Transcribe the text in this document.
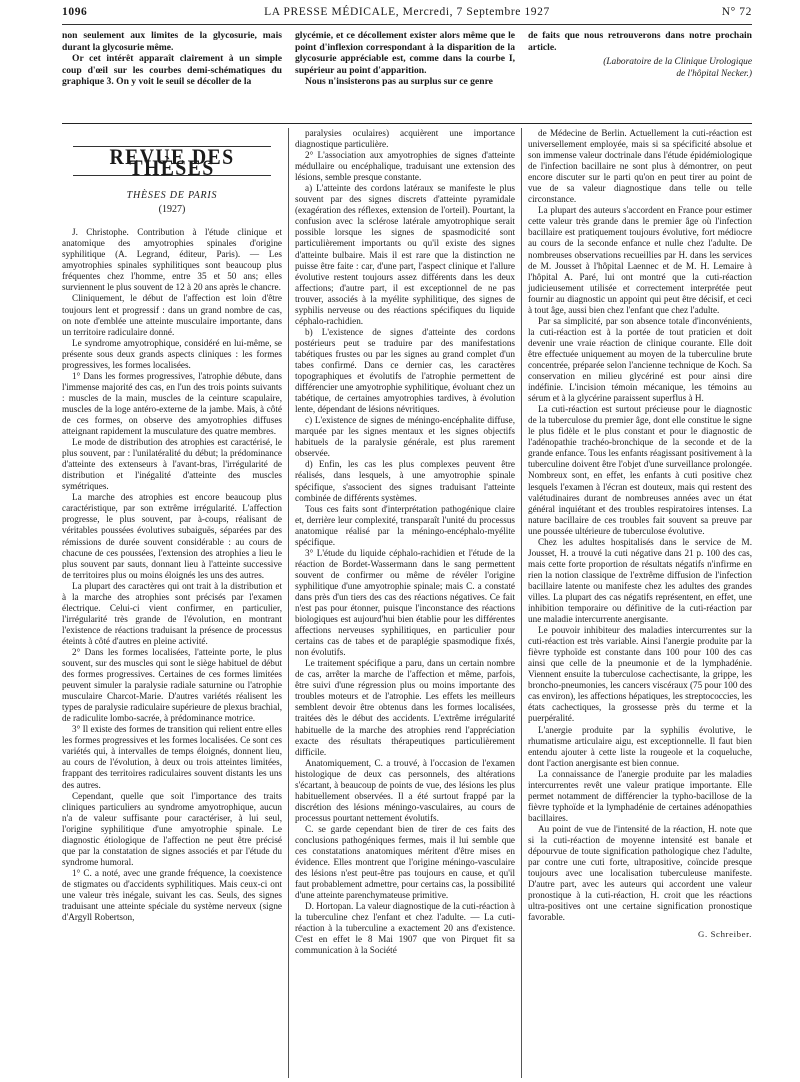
1096	LA PRESSE MÉDICALE, Mercredi, 7 Septembre 1927	N° 72

non seulement aux limites de la glycosurie, mais durant la glycosurie même.

Or cet intérêt apparaît clairement à un simple coup d'œil sur les courbes demi-schématiques du graphique 3. On y voit le seuil se décoller de la

glycémie, et ce décollement exister alors même que le point d'inflexion correspondant à la disparition de la glycosurie appréciable est, comme dans la courbe I, supérieur au point d'apparition.

Nous n'insisterons pas au surplus sur ce genre

de faits que nous retrouverons dans notre prochain article.

(Laboratoire de la Clinique Urologique
de l'hôpital Necker.)
REVUE DES THÈSES
THÈSES DE PARIS
(1927)

J. Christophe. Contribution à l'étude clinique et anatomique des amyotrophies spinales d'origine syphilitique (A. Legrand, éditeur, Paris). — Les amyotrophies spinales syphilitiques sont beaucoup plus fréquentes chez l'homme, entre 35 et 50 ans; elles surviennent le plus souvent de 12 à 20 ans après le chancre.

Cliniquement, le début de l'affection est loin d'être toujours lent et progressif : dans un grand nombre de cas, on note d'emblée une atteinte musculaire importante, dans un territoire radiculaire donné.

Le syndrome amyotrophique, considéré en lui-même, se présente sous deux grands aspects cliniques : les formes progressives, les formes localisées.

1° Dans les formes progressives, l'atrophie débute, dans l'immense majorité des cas, en l'un des trois points suivants : muscles de la main, muscles de la ceinture scapulaire, muscles de la loge antéro-externe de la jambe. Mais, à côté de ces formes, on observe des amyotrophies diffuses atteignant rapidement la musculature des quatre membres.

Le mode de distribution des atrophies est caractérisé, le plus souvent, par : l'unilatéralité du début; la prédominance d'atteinte des extenseurs à l'avant-bras, l'irrégularité de distribution et l'inégalité d'atteinte des muscles symétriques.

La marche des atrophies est encore beaucoup plus caractéristique, par son extrême irrégularité. L'affection progresse, le plus souvent, par à-coups, réalisant de véritables poussées évolutives subaiguës, séparées par des rémissions de durée souvent considérable : au cours de chacune de ces poussées, l'extension des atrophies a lieu le plus souvent par sauts, donnant lieu à l'atteinte successive de territoires plus ou moins éloignés les uns des autres.

La plupart des caractères qui ont trait à la distribution et à la marche des atrophies sont précisés par l'examen électrique. Celui-ci vient confirmer, en particulier, l'irrégularité très grande de l'évolution, en montrant l'existence de réactions traduisant la présence de processus éteints à côté d'autres en pleine activité.

2° Dans les formes localisées, l'atteinte porte, le plus souvent, sur des muscles qui sont le siège habituel de début des formes progressives. Certaines de ces formes limitées peuvent simuler la paralysie radiale saturnine ou l'atrophie musculaire Charcot-Marie. D'autres variétés réalisent les types de paralysie radiculaire supérieure de plexus brachial, de radiculite lombo-sacrée, à prédominance motrice.

3° Il existe des formes de transition qui relient entre elles les formes progressives et les formes localisées. Ce sont ces variétés qui, à intervalles de temps éloignés, donnent lieu, au cours de l'évolution, à deux ou trois atteintes limitées, frappant des territoires radiculaires souvent distants les uns des autres.

Cependant, quelle que soit l'importance des traits cliniques particuliers au syndrome amyotrophique, aucun n'a de valeur suffisante pour caractériser, à lui seul, l'origine syphilitique d'une amyotrophie spinale. Le diagnostic étiologique de l'affection ne peut être précisé que par la constatation de signes associés et par l'étude du syndrome humoral.

1° C. a noté, avec une grande fréquence, la coexistence de stigmates ou d'accidents syphilitiques. Mais ceux-ci ont une valeur très inégale, suivant les cas. Seuls, des signes traduisant une atteinte spéciale du système nerveux (signe d'Argyll Robertson,

paralysies oculaires) acquièrent une importance diagnostique particulière.

2° L'association aux amyotrophies de signes d'atteinte médullaire ou encéphalique, traduisant une extension des lésions, semble presque constante.

a) L'atteinte des cordons latéraux se manifeste le plus souvent par des signes discrets d'atteinte pyramidale (exagération des réflexes, extension de l'orteil). Pourtant, la confusion avec la sclérose latérale amyotrophique serait possible lorsque les signes de spasmodicité sont particulièrement importants ou qu'il existe des signes d'atteinte bulbaire. Mais il est rare que la distinction ne puisse être faite : car, d'une part, l'aspect clinique et l'allure évolutive restent toujours assez différents dans les deux affections; d'autre part, il est exceptionnel de ne pas trouver, associés à la myélite syphilitique, des signes de syphilis nerveuse ou des réactions spécifiques du liquide céphalo-rachidien.

b) L'existence de signes d'atteinte des cordons postérieurs peut se traduire par des manifestations tabétiques frustes ou par les signes au grand complet d'un tabes confirmé. Dans ce dernier cas, les caractères topographiques et évolutifs de l'atrophie permettent de différencier une amyotrophie syphilitique, évoluant chez un tabétique, de certaines amyotrophies tardives, à évolution lente, dépendant de lésions névritiques.

c) L'existence de signes de méningo-encéphalite diffuse, marquée par les signes mentaux et les signes objectifs habituels de la paralysie générale, est plus rarement observée.

d) Enfin, les cas les plus complexes peuvent être réalisés, dans lesquels, à une amyotrophie spinale spécifique, s'associent des signes traduisant l'atteinte combinée de différents systèmes.

Tous ces faits sont d'interprétation pathogénique claire et, derrière leur complexité, transparaît l'unité du processus anatomique réalisé par la méningo-encéphalo-myélite spécifique.

3° L'étude du liquide céphalo-rachidien et l'étude de la réaction de Bordet-Wassermann dans le sang permettent souvent de confirmer ou même de révéler l'origine syphilitique d'une amyotrophie spinale; mais C. a constaté dans près d'un tiers des cas des réactions négatives. Ce fait n'est pas pour étonner, puisque l'inconstance des réactions biologiques est aujourd'hui bien établie pour les différentes affections nerveuses syphilitiques, en particulier pour certains cas de tabes et de paraplégie spasmodique fixés, non évolutifs.

Le traitement spécifique a paru, dans un certain nombre de cas, arrêter la marche de l'affection et même, parfois, être suivi d'une régression plus ou moins importante des troubles moteurs et de l'atrophie. Les effets les meilleurs semblent devoir être obtenus dans les formes localisées, traitées dès le début des accidents. L'extrême irrégularité habituelle de la marche des atrophies rend l'appréciation exacte des résultats thérapeutiques particulièrement difficile.

Anatomiquement, C. a trouvé, à l'occasion de l'examen histologique de deux cas personnels, des altérations s'écartant, à beaucoup de points de vue, des lésions les plus habituellement observées. Il a été surtout frappé par la discrétion des lésions méningo-vasculaires, au cours de processus pourtant nettement évolutifs.

C. se garde cependant bien de tirer de ces faits des conclusions pathogéniques fermes, mais il lui semble que ces constatations anatomiques méritent d'être mises en évidence. Elles montrent que l'origine méningo-vasculaire des lésions n'est peut-être pas toujours en cause, et qu'il faut probablement admettre, pour certains cas, la possibilité d'une atteinte parenchymateuse primitive.

D. Hortopan. La valeur diagnostique de la cuti-réaction à la tuberculine chez l'enfant et chez l'adulte. — La cuti-réaction à la tuberculine a exactement 20 ans d'existence. C'est en effet le 8 Mai 1907 que von Pirquet fit sa communication à la Société

de Médecine de Berlin. Actuellement la cuti-réaction est universellement employée, mais si sa spécificité absolue et son immense valeur doctrinale dans l'étude épidémiologique de l'infection bacillaire ne sont plus à démontrer, on peut encore discuter sur le parti qu'on en peut tirer au point de vue de sa valeur diagnostique dans telle ou telle circonstance.

La plupart des auteurs s'accordent en France pour estimer cette valeur très grande dans le premier âge où l'infection bacillaire est pratiquement toujours évolutive, fort médiocre au cours de la seconde enfance et nulle chez l'adulte. De nombreuses observations recueillies par H. dans les services de M. Jousset à l'hôpital Laennec et de M. H. Lemaire à l'hôpital A. Paré, lui ont montré que la cuti-réaction judicieusement utilisée et correctement interprétée peut fournir au diagnostic un appoint qui peut être décisif, et ceci à tout âge, aussi bien chez l'enfant que chez l'adulte.

Par sa simplicité, par son absence totale d'inconvénients, la cuti-réaction est à la portée de tout praticien et doit devenir une vraie réaction de clinique courante. Elle doit être effectuée uniquement au moyen de la tuberculine brute concentrée, préparée selon l'ancienne technique de Koch. Sa conservation en milieu glycériné est pour ainsi dire indéfinie. L'incision témoin mécanique, les témoins au sérum et à la glycérine paraissent superflus à H.

La cuti-réaction est surtout précieuse pour le diagnostic de la tuberculose du premier âge, dont elle constitue le signe le plus fidèle et le plus constant et pour le diagnostic de l'adénopathie trachéo-bronchique de la seconde et de la grande enfance. Tous les enfants réagissant positivement à la tuberculine doivent être l'objet d'une surveillance prolongée. Nombreux sont, en effet, les enfants à cuti positive chez lesquels l'examen à l'écran est douteux, mais qui restent des valétudinaires durant de nombreuses années avec un état général inquiétant et des troubles respiratoires intenses. La nature bacillaire de ces troubles fait souvent sa preuve par une poussée ultérieure de tuberculose évolutive.

Chez les adultes hospitalisés dans le service de M. Jousset, H. a trouvé la cuti négative dans 21 p. 100 des cas, mais cette forte proportion de résultats négatifs n'infirme en rien la notion classique de l'extrême diffusion de l'infection bacillaire latente ou manifeste chez les adultes des grandes villes. La plupart des cas négatifs représentent, en effet, une inhibition temporaire ou définitive de la cuti-réaction par une maladie intercurrente anergisante.

Le pouvoir inhibiteur des maladies intercurrentes sur la cuti-réaction est très variable. Ainsi l'anergie produite par la fièvre typhoïde est constante dans 100 pour 100 des cas ainsi que celle de la pneumonie et de la lymphadénie. Viennent ensuite la tuberculose cachectisante, la grippe, les broncho-pneumonies, les cancers viscéraux (75 pour 100 des cas environ), les affections hépatiques, les streptococcies, les états cachectiques, la grossesse près du terme et la puerpéralité.

L'anergie produite par la syphilis évolutive, le rhumatisme articulaire aigu, est exceptionnelle. Il faut bien entendu ajouter à cette liste la rougeole et la coqueluche, dont l'action anergisante est bien connue.

La connaissance de l'anergie produite par les maladies intercurrentes revêt une valeur pratique importante. Elle permet notamment de différencier la typho-bacillose de la fièvre typhoïde et la lymphadénie de certaines adénopathies bacillaires.

Au point de vue de l'intensité de la réaction, H. note que si la cuti-réaction de moyenne intensité est banale et dépourvue de toute signification pathologique chez l'adulte, par contre une cuti forte, ultrapositive, coïncide presque toujours avec une localisation tuberculeuse manifeste. D'autre part, avec les auteurs qui accordent une valeur pronostique à la cuti-réaction, H. croit que les réactions ultra-positives ont une certaine signification pronostique favorable.

G. Schreiber.
